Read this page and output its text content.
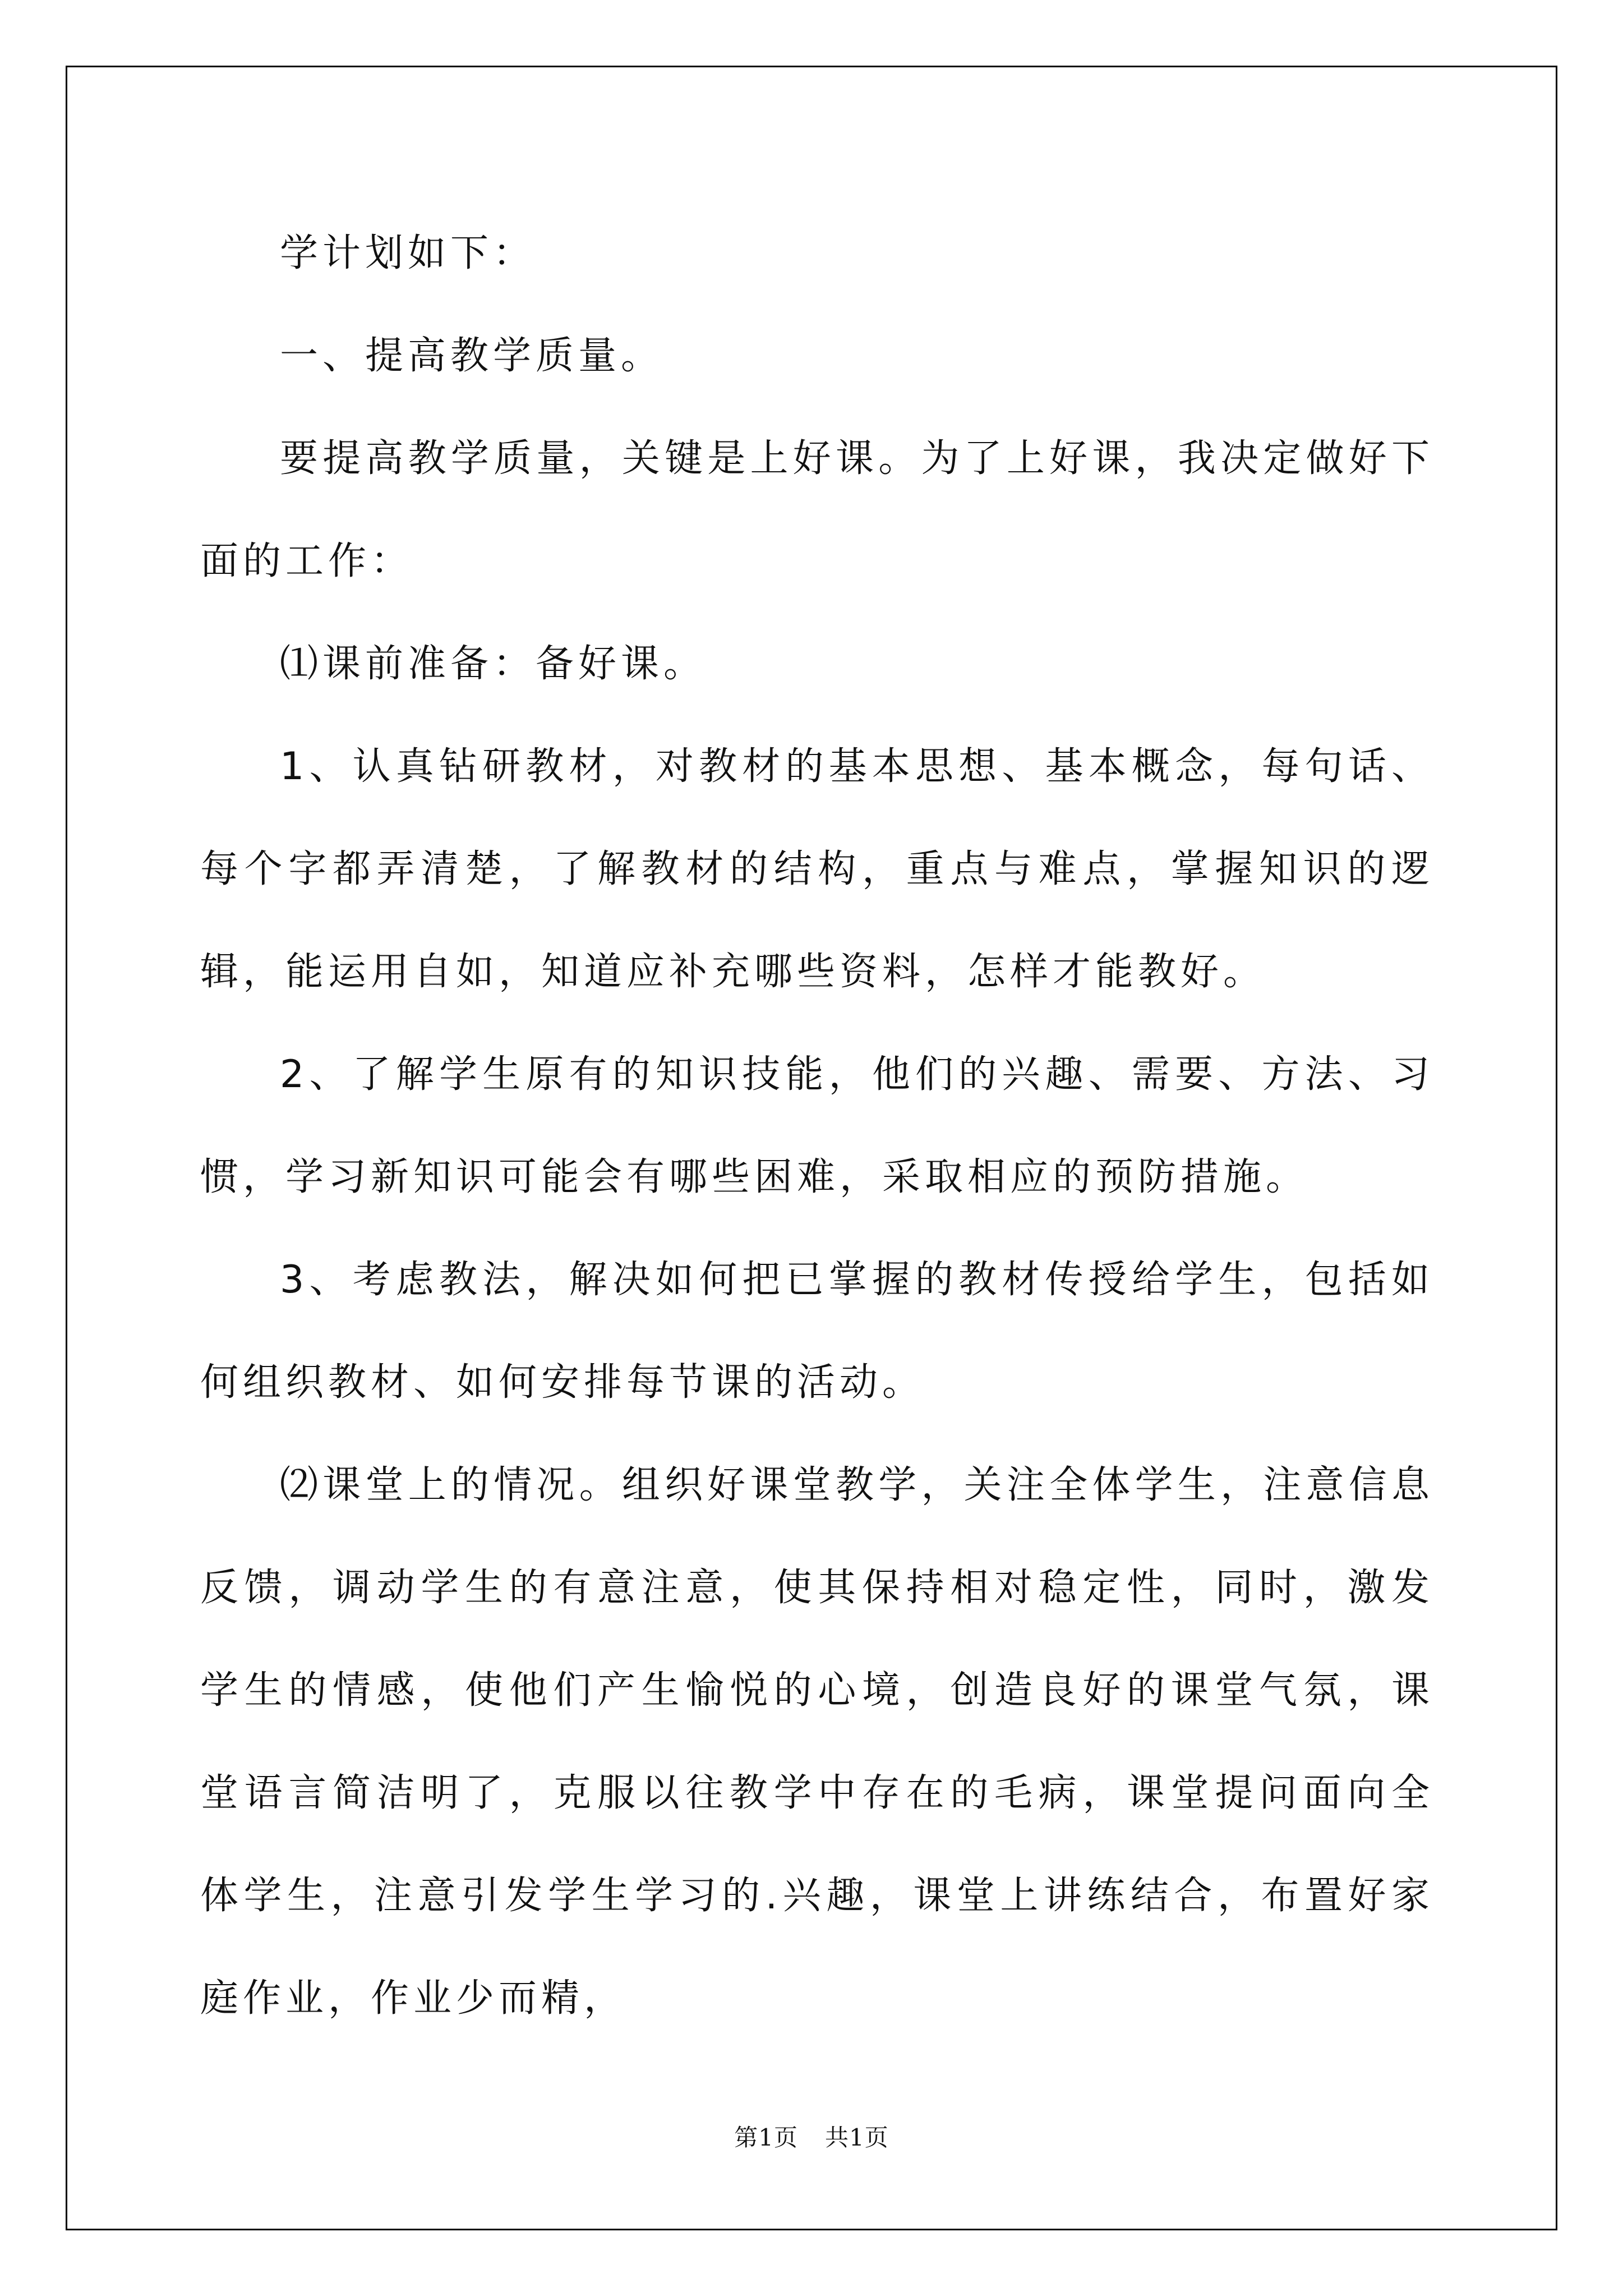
学计划如下：

一、提高教学质量。

要提高教学质量，关键是上好课。为了上好课，我决定做好下面的工作：

⑴课前准备：备好课。

1、认真钻研教材，对教材的基本思想、基本概念，每句话、每个字都弄清楚，了解教材的结构，重点与难点，掌握知识的逻辑，能运用自如，知道应补充哪些资料，怎样才能教好。

2、了解学生原有的知识技能，他们的兴趣、需要、方法、习惯，学习新知识可能会有哪些困难，采取相应的预防措施。

3、考虑教法，解决如何把已掌握的教材传授给学生，包括如何组织教材、如何安排每节课的活动。

⑵课堂上的情况。组织好课堂教学，关注全体学生，注意信息反馈，调动学生的有意注意，使其保持相对稳定性，同时，激发学生的情感，使他们产生愉悦的心境，创造良好的课堂气氛，课堂语言简洁明了，克服以往教学中存在的毛病，课堂提问面向全体学生，注意引发学生学习的.兴趣，课堂上讲练结合，布置好家庭作业，作业少而精，

第1页 共1页
